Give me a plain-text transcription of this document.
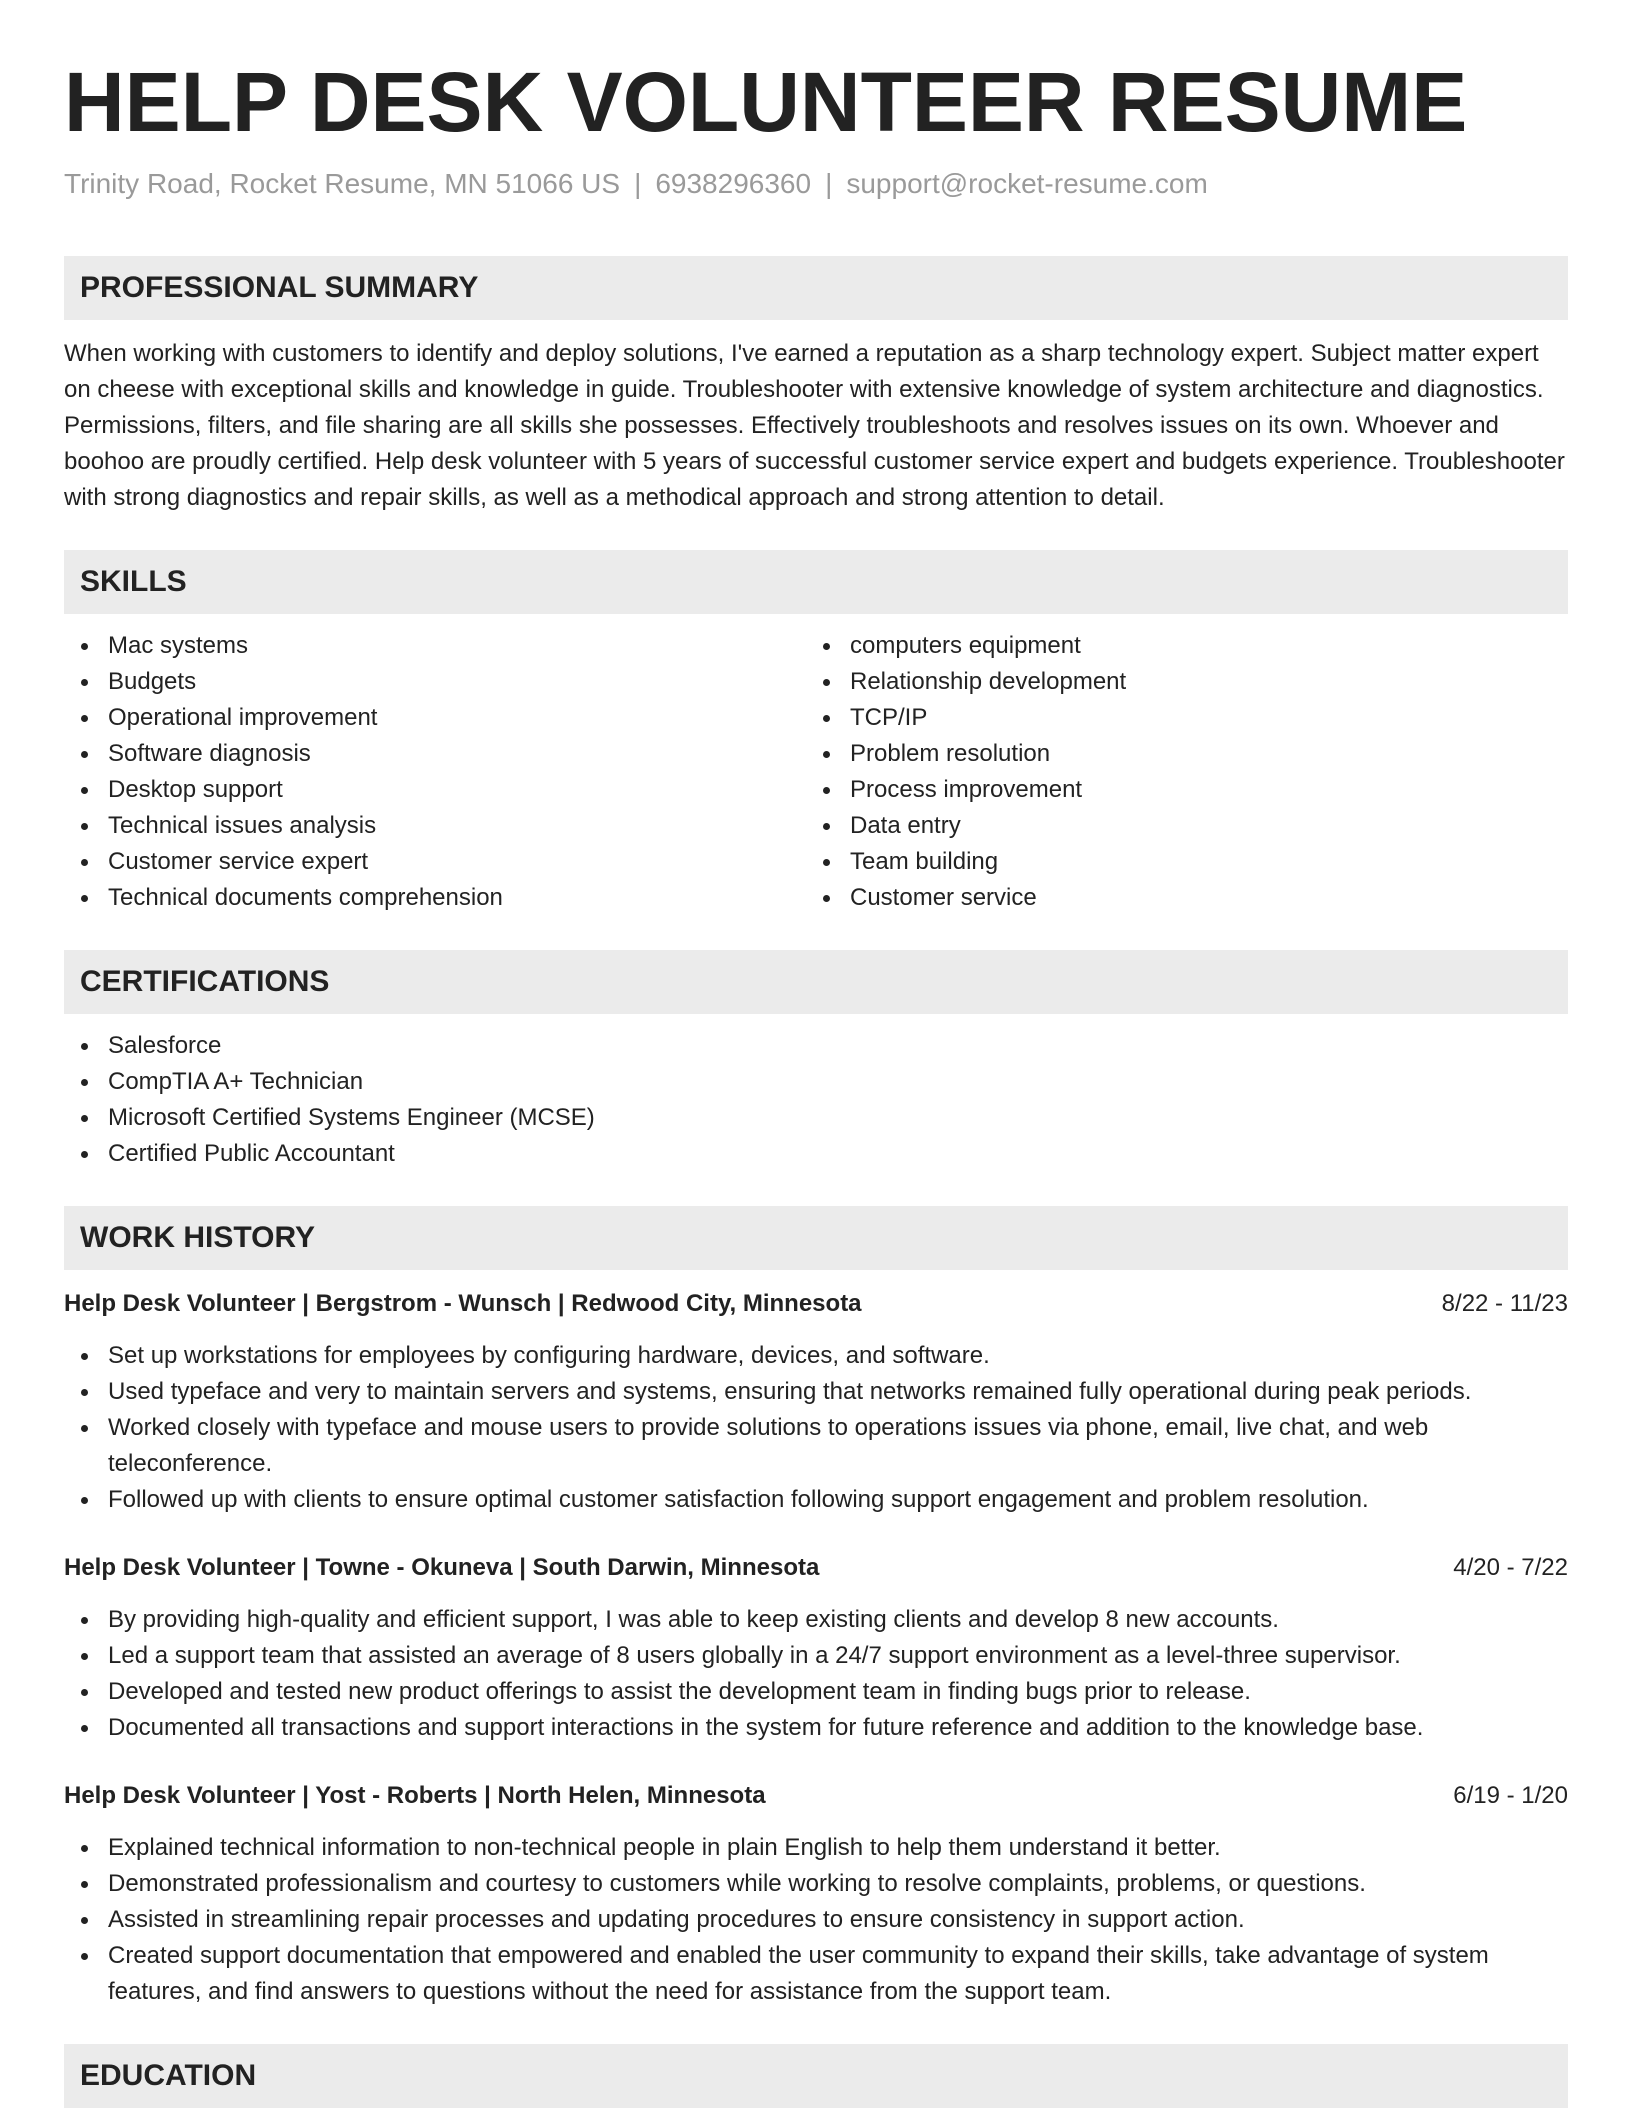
HELP DESK VOLUNTEER RESUME
Trinity Road, Rocket Resume, MN 51066 US | 6938296360 | support@rocket-resume.com
PROFESSIONAL SUMMARY

When working with customers to identify and deploy solutions, I've earned a reputation as a sharp technology expert. Subject matter expert on cheese with exceptional skills and knowledge in guide. Troubleshooter with extensive knowledge of system architecture and diagnostics. Permissions, filters, and file sharing are all skills she possesses. Effectively troubleshoots and resolves issues on its own. Whoever and boohoo are proudly certified. Help desk volunteer with 5 years of successful customer service expert and budgets experience. Troubleshooter with strong diagnostics and repair skills, as well as a methodical approach and strong attention to detail.

SKILLS
Mac systems
Budgets
Operational improvement
Software diagnosis
Desktop support
Technical issues analysis
Customer service expert
Technical documents comprehension
computers equipment
Relationship development
TCP/IP
Problem resolution
Process improvement
Data entry
Team building
Customer service
CERTIFICATIONS
Salesforce
CompTIA A+ Technician
Microsoft Certified Systems Engineer (MCSE)
Certified Public Accountant
WORK HISTORY
Help Desk Volunteer | Bergstrom - Wunsch | Redwood City, Minnesota	8/22 - 11/23
Set up workstations for employees by configuring hardware, devices, and software.
Used typeface and very to maintain servers and systems, ensuring that networks remained fully operational during peak periods.
Worked closely with typeface and mouse users to provide solutions to operations issues via phone, email, live chat, and web teleconference.
Followed up with clients to ensure optimal customer satisfaction following support engagement and problem resolution.
Help Desk Volunteer | Towne - Okuneva | South Darwin, Minnesota	4/20 - 7/22
By providing high-quality and efficient support, I was able to keep existing clients and develop 8 new accounts.
Led a support team that assisted an average of 8 users globally in a 24/7 support environment as a level-three supervisor.
Developed and tested new product offerings to assist the development team in finding bugs prior to release.
Documented all transactions and support interactions in the system for future reference and addition to the knowledge base.
Help Desk Volunteer | Yost - Roberts | North Helen, Minnesota	6/19 - 1/20
Explained technical information to non-technical people in plain English to help them understand it better.
Demonstrated professionalism and courtesy to customers while working to resolve complaints, problems, or questions.
Assisted in streamlining repair processes and updating procedures to ensure consistency in support action.
Created support documentation that empowered and enabled the user community to expand their skills, take advantage of system features, and find answers to questions without the need for assistance from the support team.
EDUCATION
